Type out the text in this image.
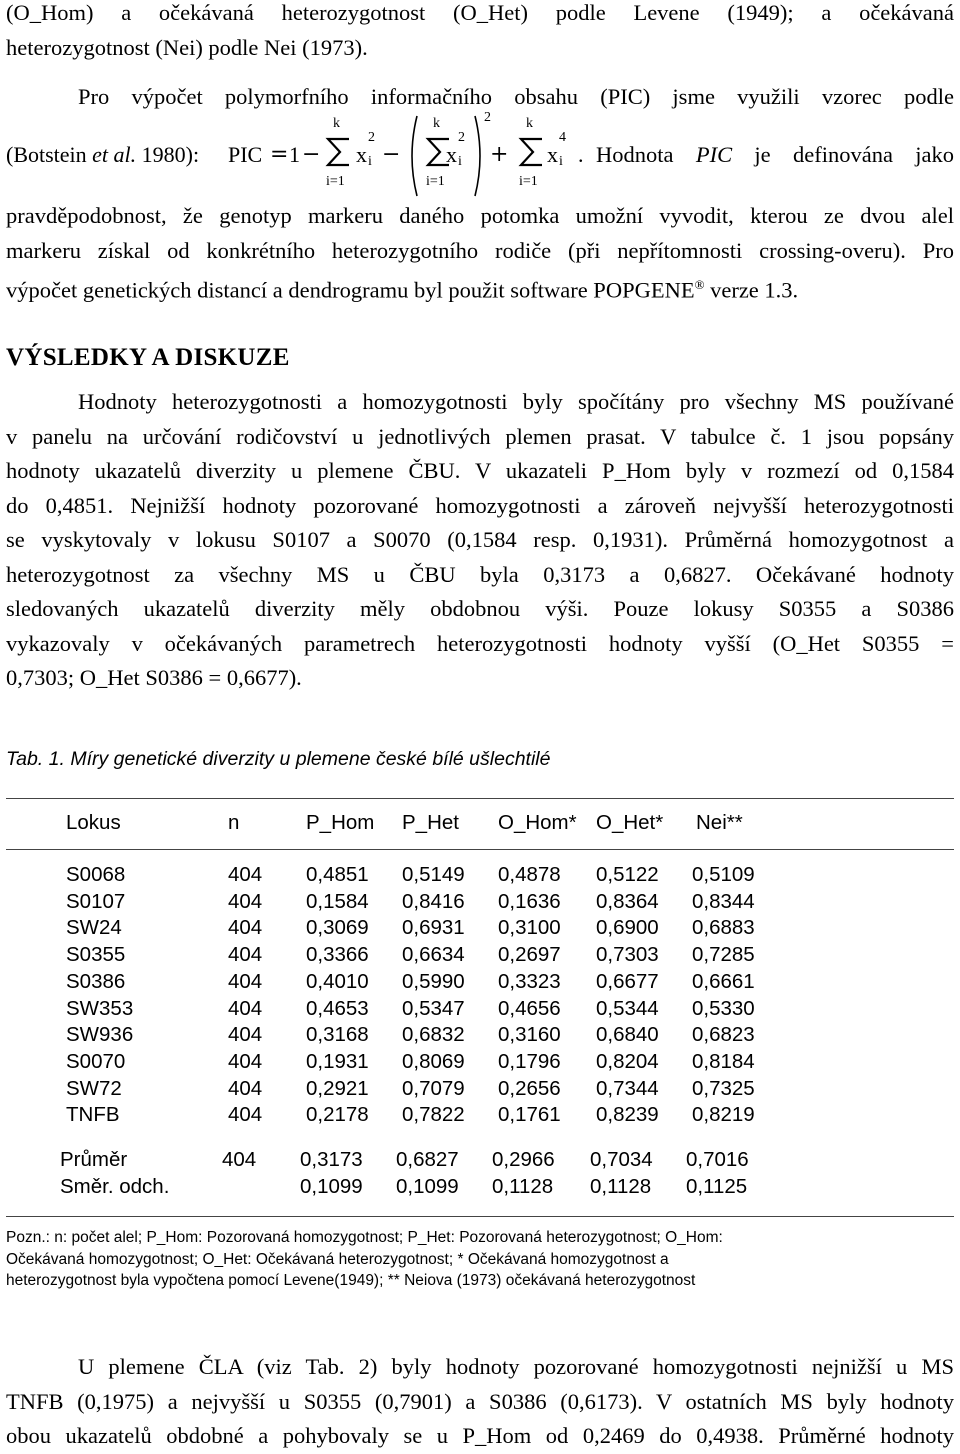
(O_Hom) a očekávaná heterozygotnost (O_Het) podle Levene (1949); a očekávaná
heterozygotnost (Nei) podle Nei (1973).
Pro výpočet polymorfního informačního obsahu (PIC) jsme využili vzorec podle
(Botstein et al. 1980): PIC = 1 −
k
i=1
x
2
i −
k
i=1
x
2
i
2
+
k
i=1
x
4
i . Hodnota PIC je definována jako
pravděpodobnost, že genotyp markeru daného potomka umožní vyvodit, kterou ze dvou alel
markeru získal od konkrétního heterozygotního rodiče (při nepřítomnosti crossing-overu). Pro
výpočet genetických distancí a dendrogramu byl použit software POPGENE® verze 1.3.
VÝSLEDKY A DISKUZE
Hodnoty heterozygotnosti a homozygotnosti byly spočítány pro všechny MS používané
v panelu na určování rodičovství u jednotlivých plemen prasat. V tabulce č. 1 jsou popsány
hodnoty ukazatelů diverzity u plemene ČBU. V ukazateli P_Hom byly v rozmezí od 0,1584
do 0,4851. Nejnižší hodnoty pozorované homozygotnosti a zároveň nejvyšší heterozygotnosti
se vyskytovaly v lokusu S0107 a S0070 (0,1584 resp. 0,1931). Průměrná homozygotnost a
heterozygotnost za všechny MS u ČBU byla 0,3173 a 0,6827. Očekávané hodnoty
sledovaných ukazatelů diverzity měly obdobnou výši. Pouze lokusy S0355 a S0386
vykazovaly v očekávaných parametrech heterozygotnosti hodnoty vyšší (O_Het S0355 =
0,7303; O_Het S0386 = 0,6677).
Tab. 1. Míry genetické diverzity u plemene české bílé ušlechtilé
Lokus	n	P_Hom	P_Het	O_Hom*	O_Het*	Nei**
S0068	404	0,4851	0,5149	0,4878	0,5122	0,5109
S0107	404	0,1584	0,8416	0,1636	0,8364	0,8344
SW24	404	0,3069	0,6931	0,3100	0,6900	0,6883
S0355	404	0,3366	0,6634	0,2697	0,7303	0,7285
S0386	404	0,4010	0,5990	0,3323	0,6677	0,6661
SW353	404	0,4653	0,5347	0,4656	0,5344	0,5330
SW936	404	0,3168	0,6832	0,3160	0,6840	0,6823
S0070	404	0,1931	0,8069	0,1796	0,8204	0,8184
SW72	404	0,2921	0,7079	0,2656	0,7344	0,7325
TNFB	404	0,2178	0,7822	0,1761	0,8239	0,8219
Průměr	404	0,3173	0,6827	0,2966	0,7034	0,7016
Směr. odch.		0,1099	0,1099	0,1128	0,1128	0,1125
Pozn.: n: počet alel; P_Hom: Pozorovaná homozygotnost; P_Het: Pozorovaná heterozygotnost; O_Hom:
Očekávaná homozygotnost; O_Het: Očekávaná heterozygotnost; * Očekávaná homozygotnost a
heterozygotnost byla vypočtena pomocí Levene(1949); ** Neiova (1973) očekávaná heterozygotnost
U plemene ČLA (viz Tab. 2) byly hodnoty pozorované homozygotnosti nejnižší u MS
TNFB (0,1975) a nejvyšší u S0355 (0,7901) a S0386 (0,6173). V ostatních MS byly hodnoty
obou ukazatelů obdobné a pohybovaly se u P_Hom od 0,2469 do 0,4938. Průměrné hodnoty
